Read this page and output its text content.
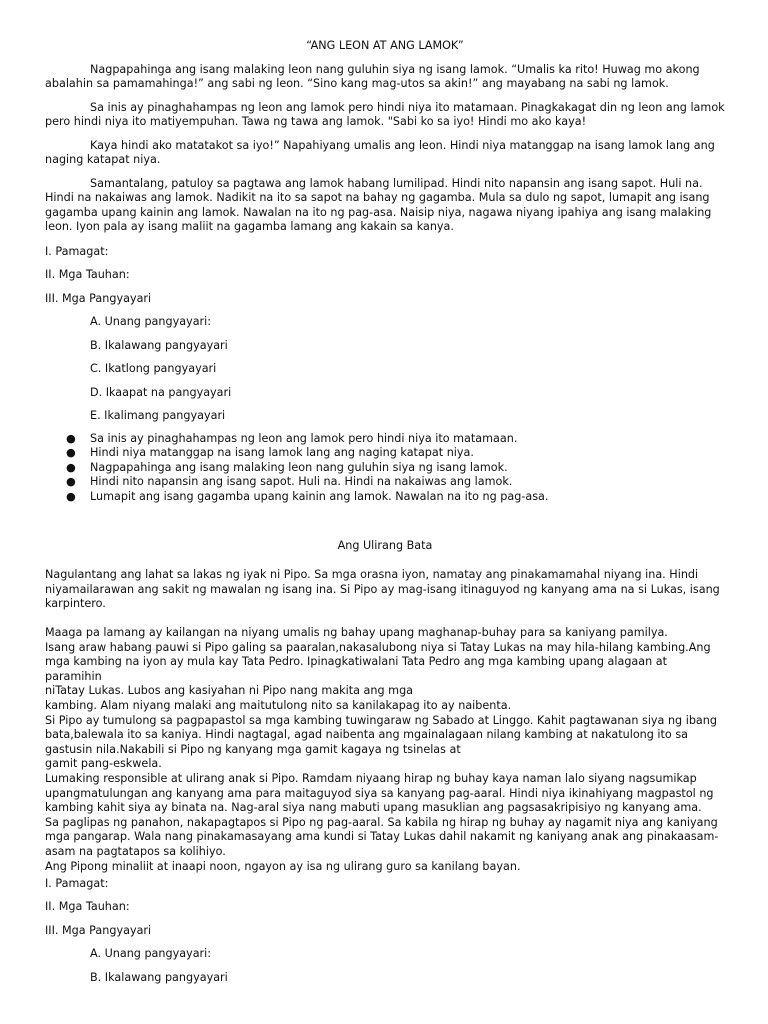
“ANG LEON AT ANG LAMOK”
Nagpapahinga ang isang malaking leon nang guluhin siya ng isang lamok. “Umalis ka rito! Huwag mo akong abalahin sa pamamahinga!” ang sabi ng leon. “Sino kang mag-utos sa akin!” ang mayabang na sabi ng lamok.
Sa inis ay pinaghahampas ng leon ang lamok pero hindi niya ito matamaan. Pinagkakagat din ng leon ang lamok pero hindi niya ito matiyempuhan. Tawa ng tawa ang lamok. "Sabi ko sa iyo! Hindi mo ako kaya!
Kaya hindi ako matatakot sa iyo!” Napahiyang umalis ang leon. Hindi niya matanggap na isang lamok lang ang naging katapat niya.
Samantalang, patuloy sa pagtawa ang lamok habang lumilipad. Hindi nito napansin ang isang sapot. Huli na. Hindi na nakaiwas ang lamok. Nadikit na ito sa sapot na bahay ng gagamba. Mula sa dulo ng sapot, lumapit ang isang gagamba upang kainin ang lamok. Nawalan na ito ng pag-asa. Naisip niya, nagawa niyang ipahiya ang isang malaking leon. Iyon pala ay isang maliit na gagamba lamang ang kakain sa kanya.
I. Pamagat:
II. Mga Tauhan:
III. Mga Pangyayari
A. Unang pangyayari:
B. Ikalawang pangyayari
C. Ikatlong pangyayari
D. Ikaapat na pangyayari
E. Ikalimang pangyayari
● Sa inis ay pinaghahampas ng leon ang lamok pero hindi niya ito matamaan.
● Hindi niya matanggap na isang lamok lang ang naging katapat niya.
● Nagpapahinga ang isang malaking leon nang guluhin siya ng isang lamok.
● Hindi nito napansin ang isang sapot. Huli na. Hindi na nakaiwas ang lamok.
● Lumapit ang isang gagamba upang kainin ang lamok. Nawalan na ito ng pag-asa.
Ang Ulirang Bata
Nagulantang ang lahat sa lakas ng iyak ni Pipo. Sa mga orasna iyon, namatay ang pinakamamahal niyang ina. Hindi
niyamailarawan ang sakit ng mawalan ng isang ina. Si Pipo ay mag-isang itinaguyod ng kanyang ama na si Lukas, isang
karpintero.
Maaga pa lamang ay kailangan na niyang umalis ng bahay upang maghanap-buhay para sa kaniyang pamilya.
Isang araw habang pauwi si Pipo galing sa paaralan,nakasalubong niya si Tatay Lukas na may hila-hilang kambing.Ang
mga kambing na iyon ay mula kay Tata Pedro. Ipinagkatiwalani Tata Pedro ang mga kambing upang alagaan at paramihin
niTatay Lukas. Lubos ang kasiyahan ni Pipo nang makita ang mga
kambing. Alam niyang malaki ang maitutulong nito sa kanilakapag ito ay naibenta.
Si Pipo ay tumulong sa pagpapastol sa mga kambing tuwingaraw ng Sabado at Linggo. Kahit pagtawanan siya ng ibang
bata,balewala ito sa kaniya. Hindi nagtagal, agad naibenta ang mgainalagaan nilang kambing at nakatulong ito sa
gastusin nila.Nakabili si Pipo ng kanyang mga gamit kagaya ng tsinelas at
gamit pang-eskwela.
Lumaking responsible at ulirang anak si Pipo. Ramdam niyaang hirap ng buhay kaya naman lalo siyang nagsumikap
upangmatulungan ang kanyang ama para maitaguyod siya sa kanyang pag-aaral. Hindi niya ikinahiyang magpastol ng
kambing kahit siya ay binata na. Nag-aral siya nang mabuti upang masuklian ang pagsasakripisiyo ng kanyang ama.
Sa paglipas ng panahon, nakapagtapos si Pipo ng pag-aaral. Sa kabila ng hirap ng buhay ay nagamit niya ang kaniyang
mga pangarap. Wala nang pinakamasayang ama kundi si Tatay Lukas dahil nakamit ng kaniyang anak ang pinakaasam-
asam na pagtatapos sa kolihiyo.
Ang Pipong minaliit at inaapi noon, ngayon ay isa ng ulirang guro sa kanilang bayan.
I. Pamagat:
II. Mga Tauhan:
III. Mga Pangyayari
A. Unang pangyayari:
B. Ikalawang pangyayari
